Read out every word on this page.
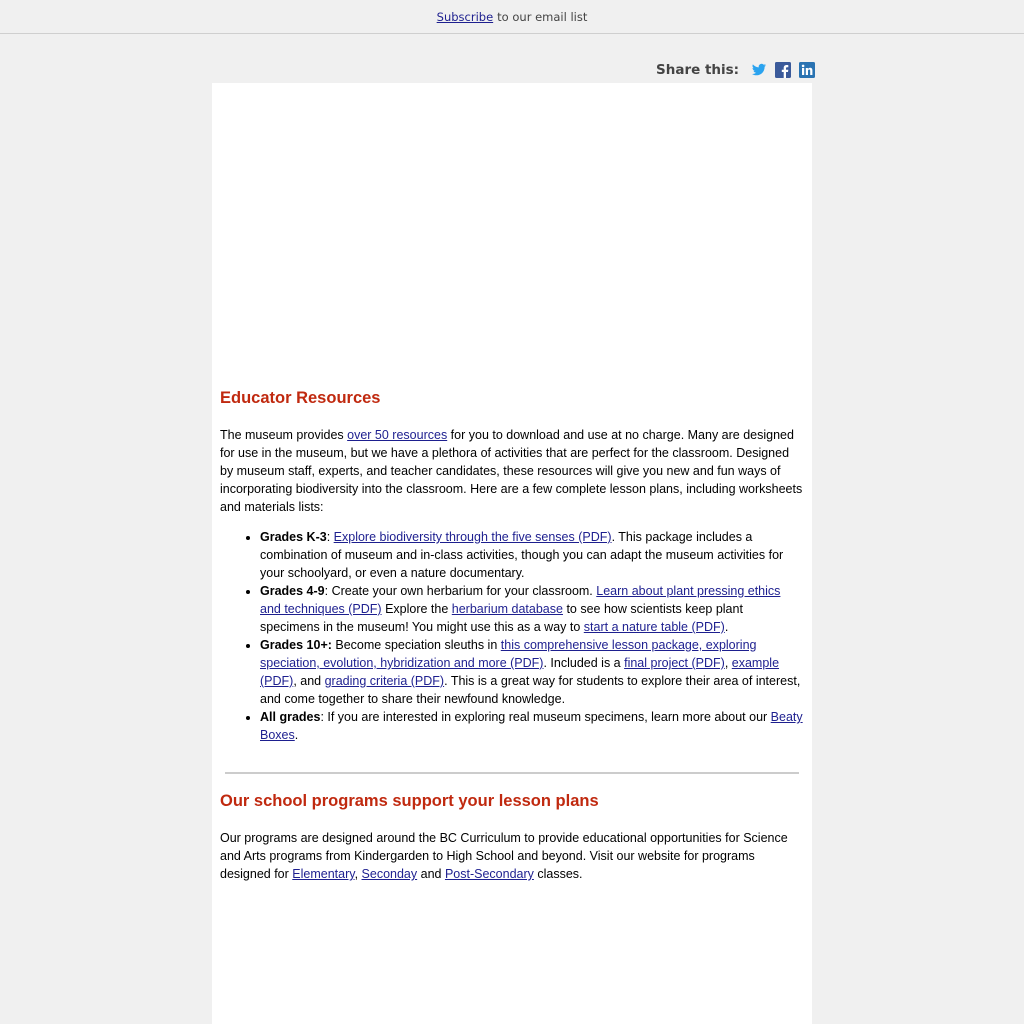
Subscribe to our email list
Share this:
Educator Resources

The museum provides over 50 resources for you to download and use at no charge. Many are designed for use in the museum, but we have a plethora of activities that are perfect for the classroom. Designed by museum staff, experts, and teacher candidates, these resources will give you new and fun ways of incorporating biodiversity into the classroom. Here are a few complete lesson plans, including worksheets and materials lists:

• Grades K-3: Explore biodiversity through the five senses (PDF). This package includes a combination of museum and in-class activities, though you can adapt the museum activities for your schoolyard, or even a nature documentary.
• Grades 4-9: Create your own herbarium for your classroom. Learn about plant pressing ethics and techniques (PDF) Explore the herbarium database to see how scientists keep plant specimens in the museum! You might use this as a way to start a nature table (PDF).
• Grades 10+: Become speciation sleuths in this comprehensive lesson package, exploring speciation, evolution, hybridization and more (PDF). Included is a final project (PDF), example (PDF), and grading criteria (PDF). This is a great way for students to explore their area of interest, and come together to share their newfound knowledge.
• All grades: If you are interested in exploring real museum specimens, learn more about our Beaty Boxes.
Our school programs support your lesson plans

Our programs are designed around the BC Curriculum to provide educational opportunities for Science and Arts programs from Kindergarden to High School and beyond. Visit our website for programs designed for Elementary, Seconday and Post-Secondary classes.
